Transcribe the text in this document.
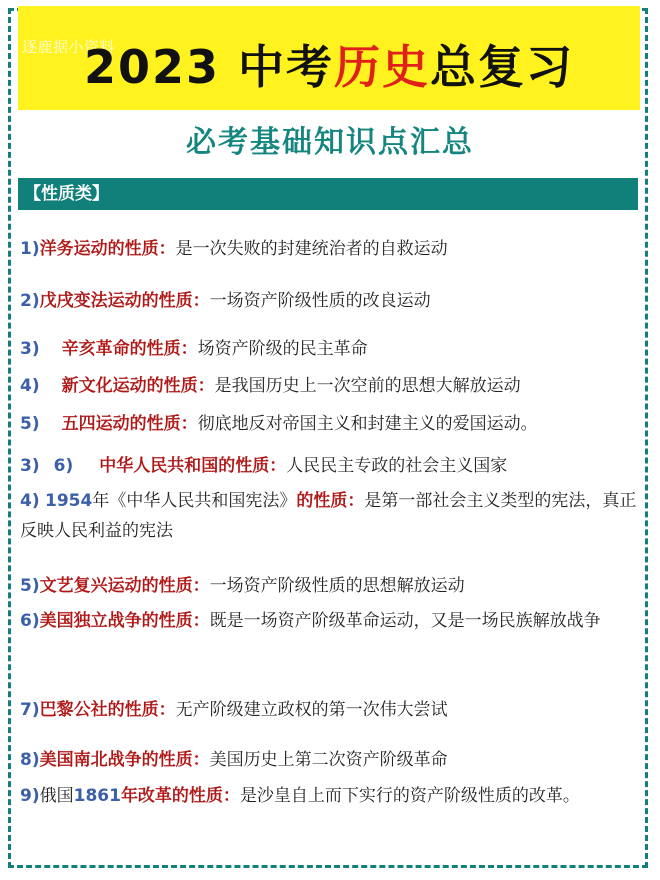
逐鹿据小资料
2023 中考历史总复习
必考基础知识点汇总
【性质类】
1)洋务运动的性质：是一次失败的封建统治者的自救运动
2)戊戌变法运动的性质：一场资产阶级性质的改良运动
3) 辛亥革命的性质：场资产阶级的民主革命
4) 新文化运动的性质：是我国历史上一次空前的思想大解放运动
5) 五四运动的性质：彻底地反对帝国主义和封建主义的爱国运动。
3) 6) 中华人民共和国的性质：人民民主专政的社会主义国家
4) 1954年《中华人民共和国宪法》的性质：是第一部社会主义类型的宪法，真正反映人民利益的宪法
5)文艺复兴运动的性质：一场资产阶级性质的思想解放运动
6)美国独立战争的性质：既是一场资产阶级革命运动，又是一场民族解放战争
7)巴黎公社的性质：无产阶级建立政权的第一次伟大尝试
8)美国南北战争的性质：美国历史上第二次资产阶级革命
9)俄国1861年改革的性质：是沙皇自上而下实行的资产阶级性质的改革。
